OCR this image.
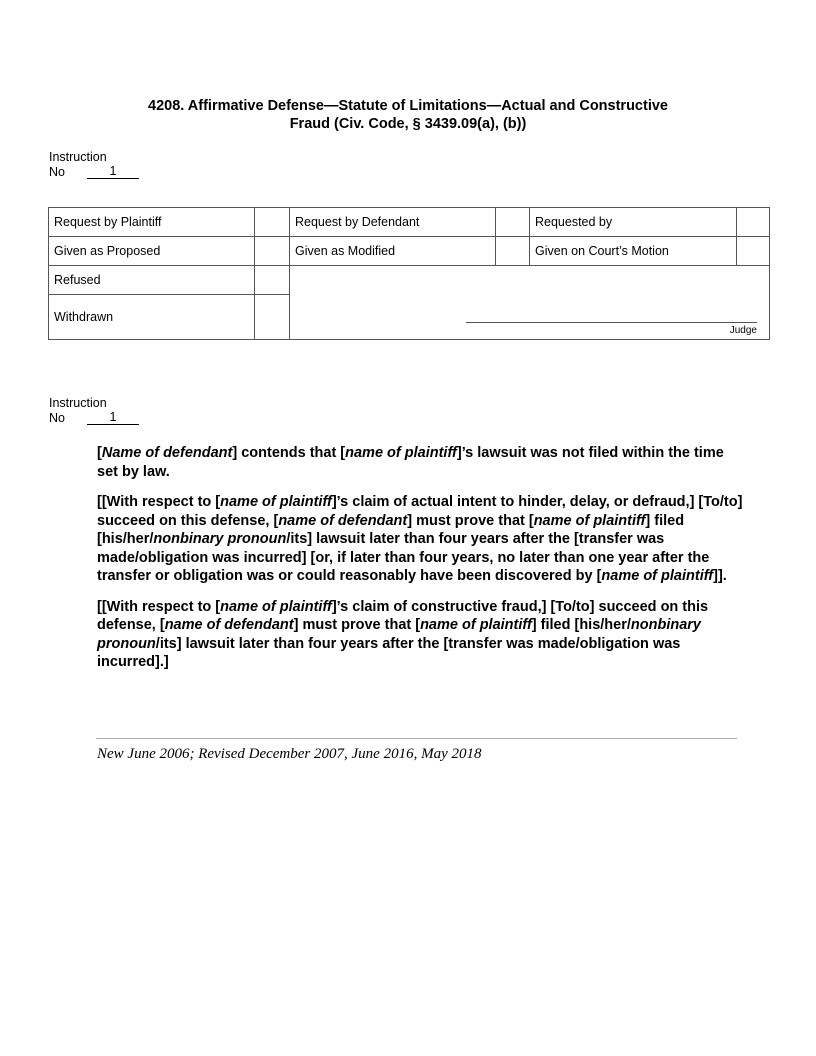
4208. Affirmative Defense—Statute of Limitations—Actual and Constructive
Fraud (Civ. Code, § 3439.09(a), (b))
Instruction
No	1
Request by Plaintiff		Request by Defendant		Requested by	
Given as Proposed		Given as Modified		Given on Court’s Motion	
Refused		Judge			

Withdrawn					
Instruction
No	1

[Name of defendant] contends that [name of plaintiff]’s lawsuit was not filed within the time set by law.

[[With respect to [name of plaintiff]’s claim of actual intent to hinder, delay, or defraud,] [To/to] succeed on this defense, [name of defendant] must prove that [name of plaintiff] filed [his/her/nonbinary pronoun/its] lawsuit later than four years after the [transfer was made/obligation was incurred] [or, if later than four years, no later than one year after the transfer or obligation was or could reasonably have been discovered by [name of plaintiff]].

[[With respect to [name of plaintiff]’s claim of constructive fraud,] [To/to] succeed on this defense, [name of defendant] must prove that [name of plaintiff] filed [his/her/nonbinary pronoun/its] lawsuit later than four years after the [transfer was made/obligation was incurred].]

New June 2006; Revised December 2007, June 2016, May 2018
